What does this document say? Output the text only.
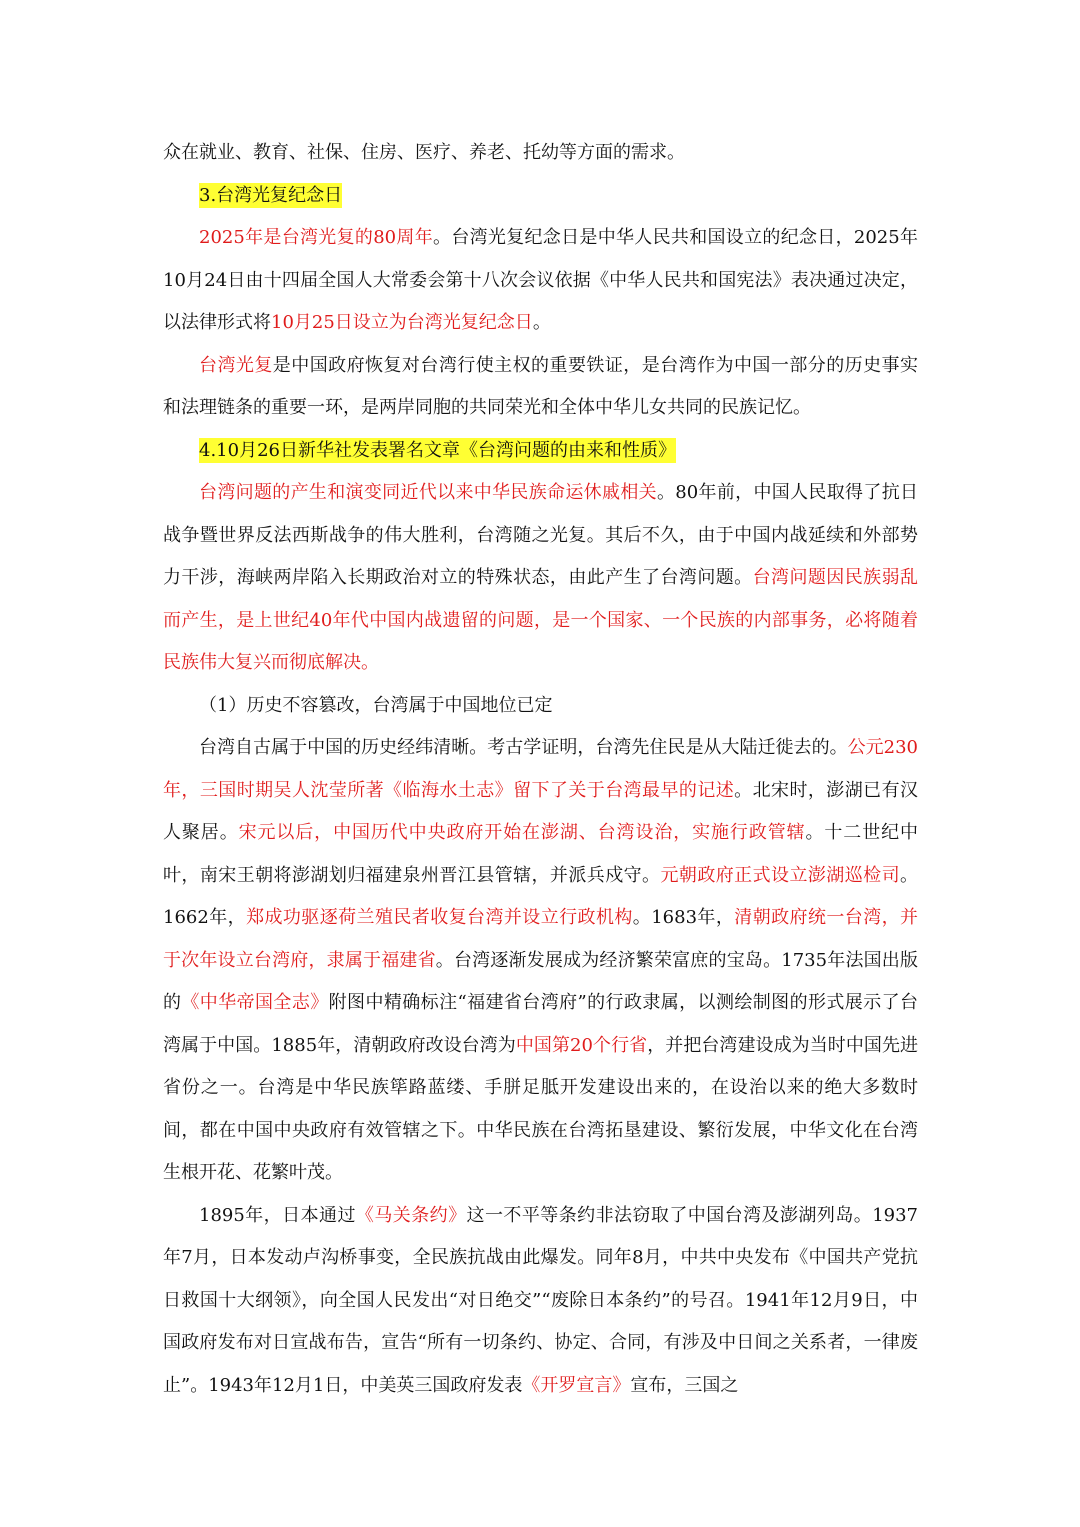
众在就业、教育、社保、住房、医疗、养老、托幼等方面的需求。

3.台湾光复纪念日

2025年是台湾光复的80周年。台湾光复纪念日是中华人民共和国设立的纪念日，2025年10月24日由十四届全国人大常委会第十八次会议依据《中华人民共和国宪法》表决通过决定，以法律形式将10月25日设立为台湾光复纪念日。

台湾光复是中国政府恢复对台湾行使主权的重要铁证，是台湾作为中国一部分的历史事实和法理链条的重要一环，是两岸同胞的共同荣光和全体中华儿女共同的民族记忆。

4.10月26日新华社发表署名文章《台湾问题的由来和性质》

台湾问题的产生和演变同近代以来中华民族命运休戚相关。80年前，中国人民取得了抗日战争暨世界反法西斯战争的伟大胜利，台湾随之光复。其后不久，由于中国内战延续和外部势力干涉，海峡两岸陷入长期政治对立的特殊状态，由此产生了台湾问题。台湾问题因民族弱乱而产生，是上世纪40年代中国内战遗留的问题，是一个国家、一个民族的内部事务，必将随着民族伟大复兴而彻底解决。

（1）历史不容篡改，台湾属于中国地位已定

台湾自古属于中国的历史经纬清晰。考古学证明，台湾先住民是从大陆迁徙去的。公元230年，三国时期吴人沈莹所著《临海水土志》留下了关于台湾最早的记述。北宋时，澎湖已有汉人聚居。宋元以后，中国历代中央政府开始在澎湖、台湾设治，实施行政管辖。十二世纪中叶，南宋王朝将澎湖划归福建泉州晋江县管辖，并派兵戍守。元朝政府正式设立澎湖巡检司。1662年，郑成功驱逐荷兰殖民者收复台湾并设立行政机构。1683年，清朝政府统一台湾，并于次年设立台湾府，隶属于福建省。台湾逐渐发展成为经济繁荣富庶的宝岛。1735年法国出版的《中华帝国全志》附图中精确标注“福建省台湾府”的行政隶属，以测绘制图的形式展示了台湾属于中国。1885年，清朝政府改设台湾为中国第20个行省，并把台湾建设成为当时中国先进省份之一。台湾是中华民族筚路蓝缕、手胼足胝开发建设出来的，在设治以来的绝大多数时间，都在中国中央政府有效管辖之下。中华民族在台湾拓垦建设、繁衍发展，中华文化在台湾生根开花、花繁叶茂。

1895年，日本通过《马关条约》这一不平等条约非法窃取了中国台湾及澎湖列岛。1937年7月，日本发动卢沟桥事变，全民族抗战由此爆发。同年8月，中共中央发布《中国共产党抗日救国十大纲领》，向全国人民发出“对日绝交”“废除日本条约”的号召。1941年12月9日，中国政府发布对日宣战布告，宣告“所有一切条约、协定、合同，有涉及中日间之关系者，一律废止”。1943年12月1日，中美英三国政府发表《开罗宣言》宣布，三国之
